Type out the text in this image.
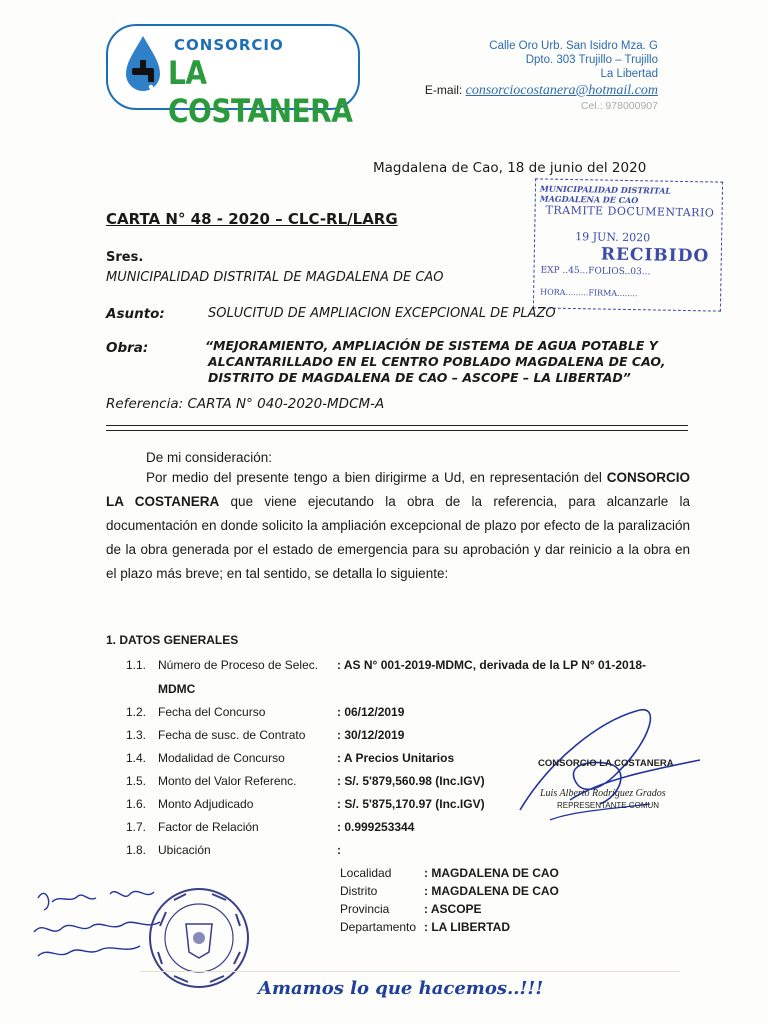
CONSORCIO
LA COSTANERA
Calle Oro Urb. San Isidro Mza. G
Dpto. 303 Trujillo – Trujillo
La Libertad
E-mail: consorciocostanera@hotmail.com
Cel.: 978000907
Magdalena de Cao, 18 de junio del 2020
MUNICIPALIDAD DISTRITAL MAGDALENA DE CAO
TRAMITE DOCUMENTARIO
19 JUN. 2020
RECIBIDO
EXP ..45...FOLIOS..03...
HORA.........FIRMA........
CARTA N° 48 - 2020 – CLC-RL/LARG
Sres.
MUNICIPALIDAD DISTRITAL DE MAGDALENA DE CAO
Asunto:	SOLUCITUD DE AMPLIACION EXCEPCIONAL DE PLAZO
Obra:	“MEJORAMIENTO, AMPLIACIÓN DE SISTEMA DE AGUA POTABLE Y
ALCANTARILLADO EN EL CENTRO POBLADO MAGDALENA DE CAO,
DISTRITO DE MAGDALENA DE CAO – ASCOPE – LA LIBERTAD”
Referencia: CARTA N° 040-2020-MDCM-A
De mi consideración:
Por medio del presente tengo a bien dirigirme a Ud, en representación del CONSORCIO LA COSTANERA que viene ejecutando la obra de la referencia, para alcanzarle la documentación en donde solicito la ampliación excepcional de plazo por efecto de la paralización de la obra generada por el estado de emergencia para su aprobación y dar reinicio a la obra en el plazo más breve; en tal sentido, se detalla lo siguiente:
1. DATOS GENERALES
1.1. Número de Proceso de Selec. : AS N° 001-2019-MDMC, derivada de la LP N° 01-2018-
MDMC
1.2. Fecha del Concurso	: 06/12/2019
1.3. Fecha de susc. de Contrato	: 30/12/2019
1.4. Modalidad de Concurso	: A Precios Unitarios
1.5. Monto del Valor Referenc.	: S/. 5'879,560.98 (Inc.IGV)
1.6. Monto Adjudicado	: S/. 5'875,170.97 (Inc.IGV)
1.7. Factor de Relación	: 0.999253344
1.8. Ubicación	:
Localidad	: MAGDALENA DE CAO
Distrito	: MAGDALENA DE CAO
Provincia	: ASCOPE
Departamento : LA LIBERTAD
CONSORCIO LA COSTANERA
Luis Alberto Rodríguez Grados
REPRESENTANTE COMUN
Amamos lo que hacemos..!!!
